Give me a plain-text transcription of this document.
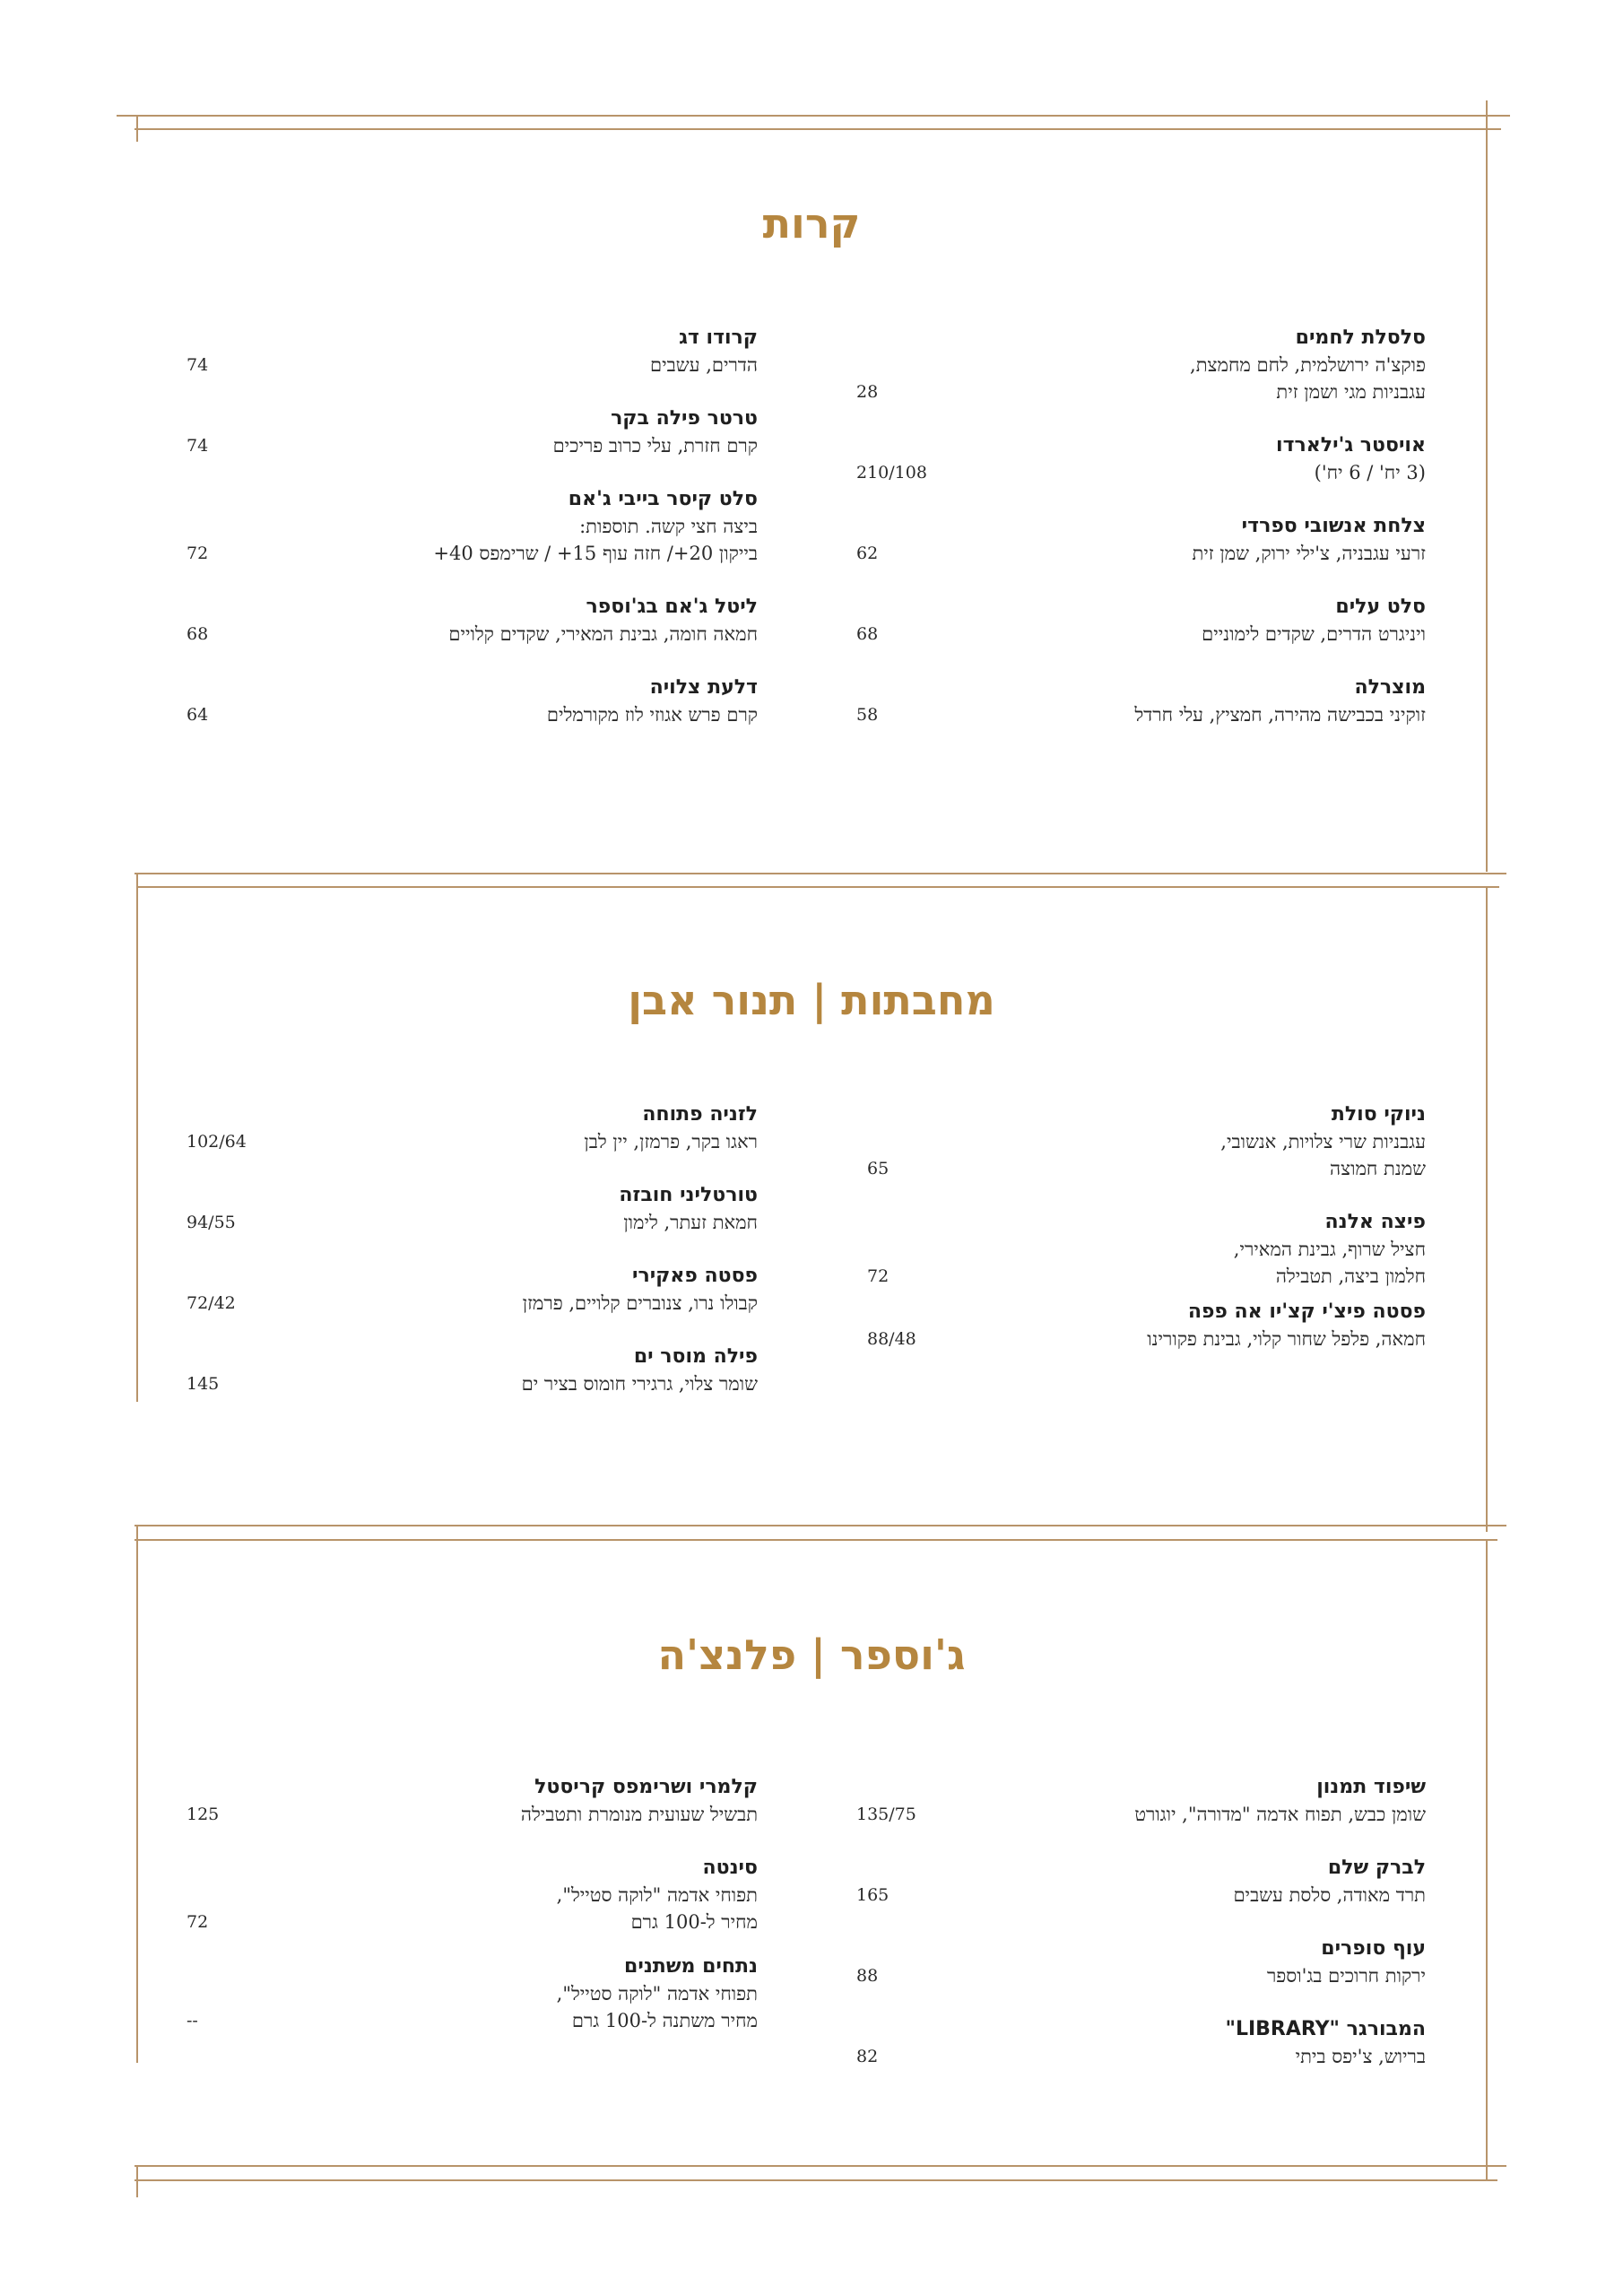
קרות
סלסלת לחמים
פוקצ'ה ירושלמית, לחם מחמצת,
עגבניות מגי ושמן זית
28
אויסטר ג'ילארדו
(3 יח' / 6 יח')
210/108
צלחת אנשובי ספרדי
זרעי עגבניה, צ'ילי ירוק, שמן זית
62
סלט עלים
ויניגרט הדרים, שקדים לימוניים
68
מוצרלה
זוקיני בכבישה מהירה, חמציץ, עלי חרדל
58
קרודו דג
הדרים, עשבים
74
טרטר פילה בקר
קרם חזרת, עלי כרוב פריכים
74
סלט קיסר בייבי ג'אם
ביצה חצי קשה. תוספות:
בייקון 20+/ חזה עוף 15+ / שרימפס 40+
72
ליטל ג'אם בג'וספר
חמאה חומה, גבינת המאירי, שקדים קלויים
68
דלעת צלויה
קרם פרש אגוזי לוז מקורמלים
64
מחבתות | תנור אבן
ניוקי סולת
עגבניות שרי צלויות, אנשובי,
שמנת חמוצה
65
פיצה אלנה
חציל שרוף, גבינת המאירי,
חלמון ביצה, תטבילה
72
פסטה פיצ'י קצ'יו אה פפה
חמאה, פלפל שחור קלוי, גבינת פקורינו
88/48
לזניה פתוחה
ראגו בקר, פרמזן, יין לבן
102/64
טורטליני חובזה
חמאת זעתר, לימון
94/55
פסטה פאקירי
קבולו נרו, צנוברים קלויים, פרמזן
72/42
פילה מוסר ים
שומר צלוי, גרגירי חומוס בציר ים
145
ג'וספר | פלנצ'ה
שיפוד תמנון
שומן כבש, תפוח אדמה "מדורה", יוגורט
135/75
לברק שלם
תרד מאודה, סלסת עשבים
165
עוף סופרים
ירקות חרוכים בג'וספר
88
המבורגר "LIBRARY"
בריוש, צ'יפס ביתי
82
קלמרי ושרימפס קריסטל
תבשיל שעועית מנומרת ותטבילה
125
סינטה
תפוחי אדמה "לוקה סטייל",
מחיר ל-100 גרם
72
נתחים משתנים
תפוחי אדמה "לוקה סטייל",
מחיר משתנה ל-100 גרם
--
